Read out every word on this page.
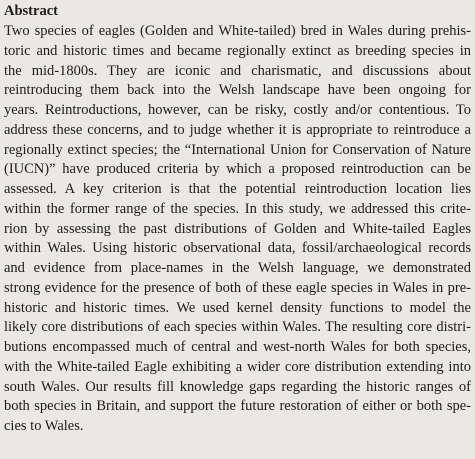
Abstract
Two species of eagles (Golden and White-tailed) bred in Wales during prehis-
toric and historic times and became regionally extinct as breeding species in
the mid-1800s. They are iconic and charismatic, and discussions about
reintroducing them back into the Welsh landscape have been ongoing for
years. Reintroductions, however, can be risky, costly and/or contentious. To
address these concerns, and to judge whether it is appropriate to reintroduce a
regionally extinct species; the “International Union for Conservation of Nature
(IUCN)” have produced criteria by which a proposed reintroduction can be
assessed. A key criterion is that the potential reintroduction location lies
within the former range of the species. In this study, we addressed this crite-
rion by assessing the past distributions of Golden and White-tailed Eagles
within Wales. Using historic observational data, fossil/archaeological records
and evidence from place-names in the Welsh language, we demonstrated
strong evidence for the presence of both of these eagle species in Wales in pre-
historic and historic times. We used kernel density functions to model the
likely core distributions of each species within Wales. The resulting core distri-
butions encompassed much of central and west-north Wales for both species,
with the White-tailed Eagle exhibiting a wider core distribution extending into
south Wales. Our results fill knowledge gaps regarding the historic ranges of
both species in Britain, and support the future restoration of either or both spe-
cies to Wales.
